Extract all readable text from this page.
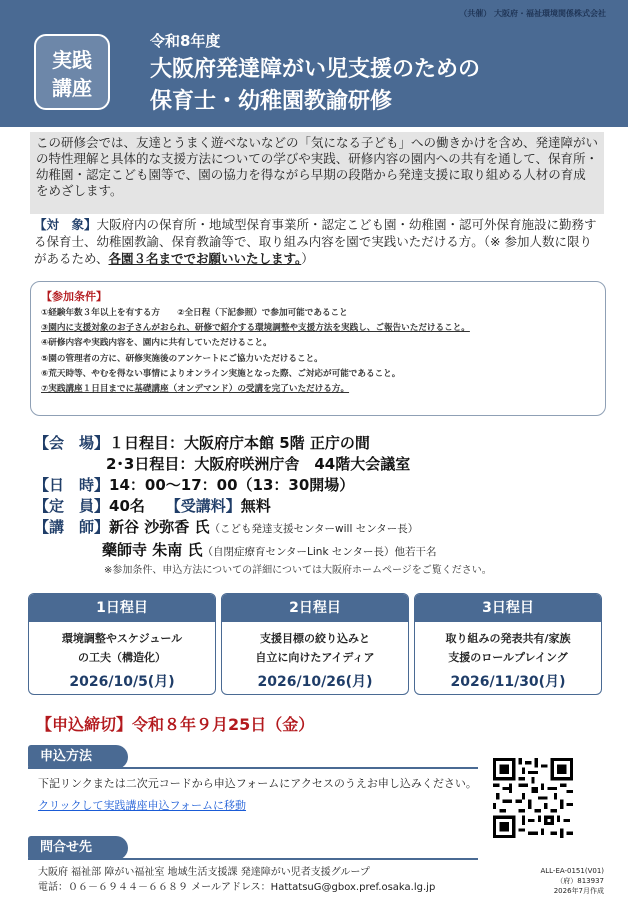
（共催） 大阪府・福祉環境関係株式会社
実践
講座
令和8年度
大阪府発達障がい児支援のための
保育士・幼稚園教諭研修
この研修会では、友達とうまく遊べないなどの「気になる子ども」への働きかけを含め、発達障がいの特性理解と具体的な支援方法についての学びや実践、研修内容の園内への共有を通して、保育所・幼稚園・認定こども園等で、園の協力を得ながら早期の段階から発達支援に取り組める人材の育成をめざします。
【対　象】大阪府内の保育所・地域型保育事業所・認定こども園・幼稚園・認可外保育施設に勤務する保育士、幼稚園教諭、保育教諭等で、取り組み内容を園で実践いただける方。（※ 参加人数に限りがあるため、各園３名まででお願いいたします。）
【参加条件】
①経験年数３年以上を有する方　　②全日程（下記参照）で参加可能であること
③園内に支援対象のお子さんがおられ、研修で紹介する環境調整や支援方法を実践し、ご報告いただけること。
④研修内容や実践内容を、園内に共有していただけること。
⑤園の管理者の方に、研修実施後のアンケートにご協力いただけること。
⑥荒天時等、やむを得ない事情によりオンライン実施となった際、ご対応が可能であること。
⑦実践講座１日目までに基礎講座（オンデマンド）の受講を完了いただける方。
【会　場】１日程目：大阪府庁本館 5階 正庁の間
2･3日程目：大阪府咲洲庁舎　44階大会議室
【日　時】14：00～17：00（13：30開場）
【定　員】40名 【受講料】無料
【講　師】新谷 沙弥香 氏（こども発達支援センターwill センター長）
藥師寺 朱南 氏（自閉症療育センターLink センター長）他若干名
※参加条件、申込方法についての詳細については大阪府ホームページをご覧ください。
1日程目
環境調整やスケジュール
の工夫（構造化）
2026/10/5(月)
2日程目
支援目標の絞り込みと
自立に向けたアイディア
2026/10/26(月)
3日程目
取り組みの発表共有/家族
支援のロールプレイング
2026/11/30(月)
【申込締切】令和８年９月25日（金）
申込方法
下記リンクまたは二次元コードから申込フォームにアクセスのうえお申し込みください。
クリックして実践講座申込フォームに移動
問合せ先
大阪府 福祉部 障がい福祉室 地域生活支援課 発達障がい児者支援グループ
電話：０６－６９４４－６６８９ メールアドレス：HattatsuG@gbox.pref.osaka.lg.jp
ALL-EA-0151(V01)
（府）813937
2026年7月作成
